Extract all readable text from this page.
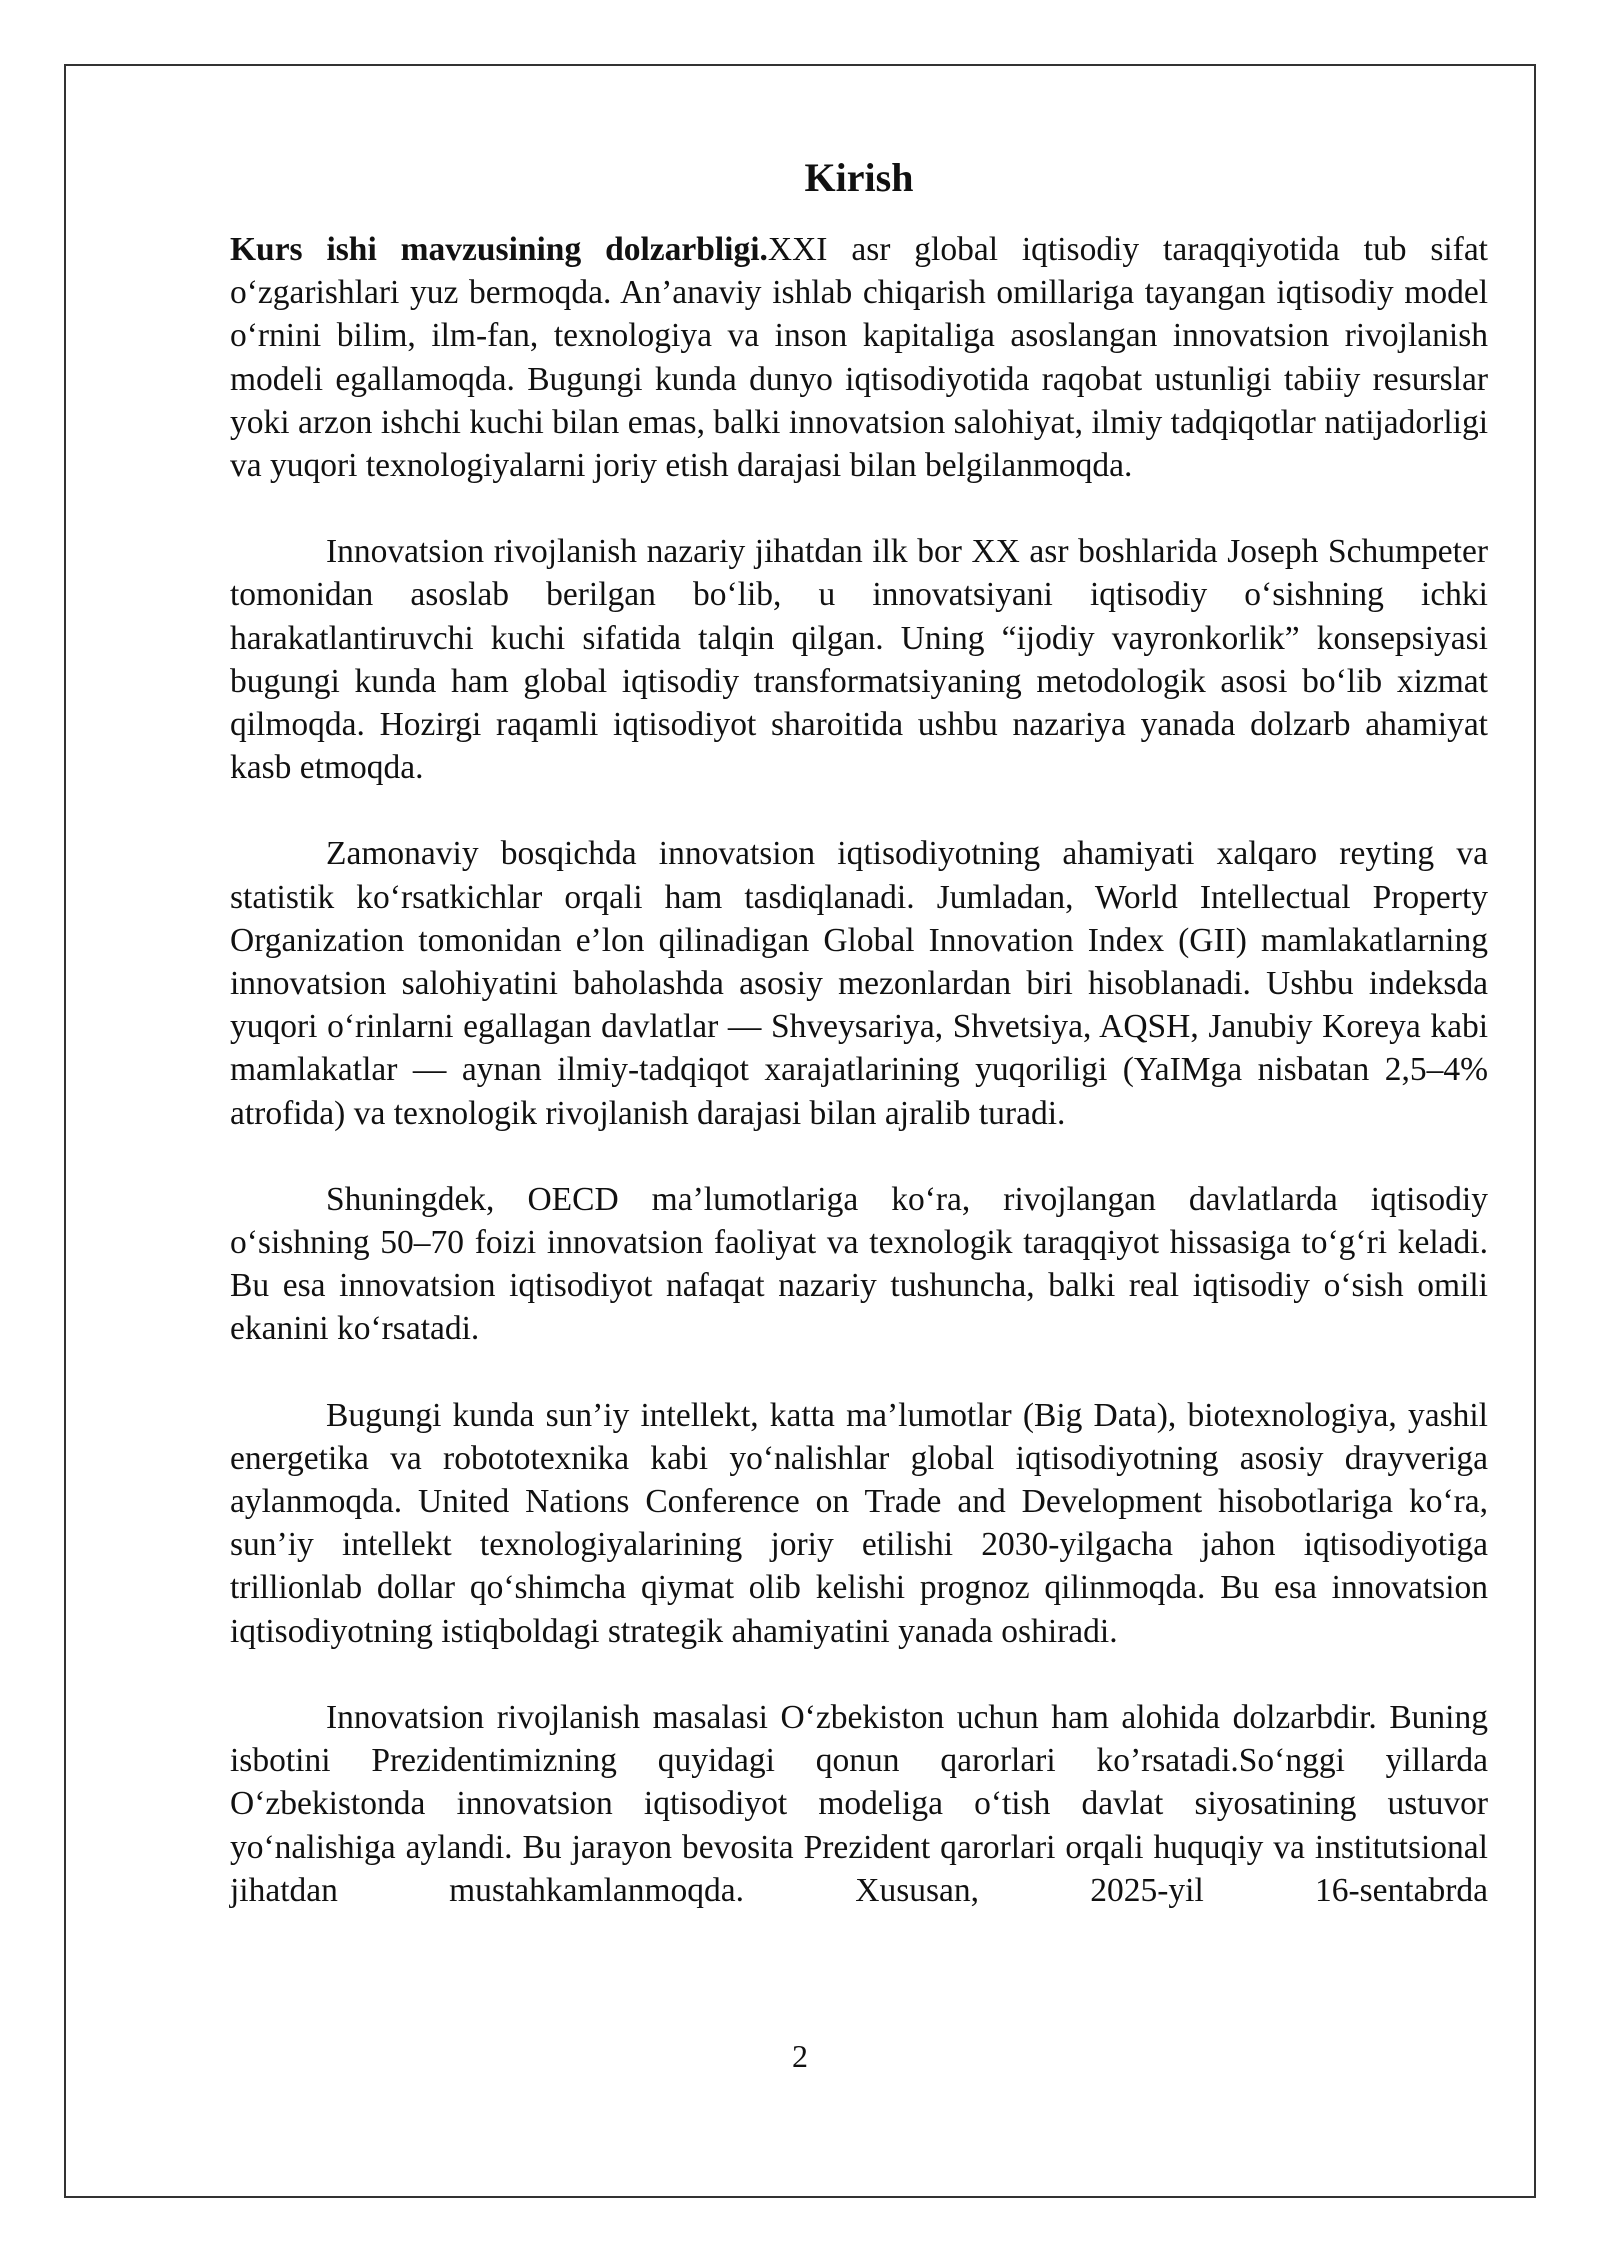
Kirish

Kurs ishi mavzusining dolzarbligi.XXI asr global iqtisodiy taraqqiyotida tub sifat o‘zgarishlari yuz bermoqda. An’anaviy ishlab chiqarish omillariga tayangan iqtisodiy model o‘rnini bilim, ilm-fan, texnologiya va inson kapitaliga asoslangan innovatsion rivojlanish modeli egallamoqda. Bugungi kunda dunyo iqtisodiyotida raqobat ustunligi tabiiy resurslar yoki arzon ishchi kuchi bilan emas, balki innovatsion salohiyat, ilmiy tadqiqotlar natijadorligi va yuqori texnologiyalarni joriy etish darajasi bilan belgilanmoqda.

Innovatsion rivojlanish nazariy jihatdan ilk bor XX asr boshlarida Joseph Schumpeter tomonidan asoslab berilgan bo‘lib, u innovatsiyani iqtisodiy o‘sishning ichki harakatlantiruvchi kuchi sifatida talqin qilgan. Uning “ijodiy vayronkorlik” konsepsiyasi bugungi kunda ham global iqtisodiy transformatsiyaning metodologik asosi bo‘lib xizmat qilmoqda. Hozirgi raqamli iqtisodiyot sharoitida ushbu nazariya yanada dolzarb ahamiyat kasb etmoqda.

Zamonaviy bosqichda innovatsion iqtisodiyotning ahamiyati xalqaro reyting va statistik ko‘rsatkichlar orqali ham tasdiqlanadi. Jumladan, World Intellectual Property Organization tomonidan e’lon qilinadigan Global Innovation Index (GII) mamlakatlarning innovatsion salohiyatini baholashda asosiy mezonlardan biri hisoblanadi. Ushbu indeksda yuqori o‘rinlarni egallagan davlatlar — Shveysariya, Shvetsiya, AQSH, Janubiy Koreya kabi mamlakatlar — aynan ilmiy-tadqiqot xarajatlarining yuqoriligi (YaIMga nisbatan 2,5–4% atrofida) va texnologik rivojlanish darajasi bilan ajralib turadi.

Shuningdek, OECD ma’lumotlariga ko‘ra, rivojlangan davlatlarda iqtisodiy o‘sishning 50–70 foizi innovatsion faoliyat va texnologik taraqqiyot hissasiga to‘g‘ri keladi. Bu esa innovatsion iqtisodiyot nafaqat nazariy tushuncha, balki real iqtisodiy o‘sish omili ekanini ko‘rsatadi.

Bugungi kunda sun’iy intellekt, katta ma’lumotlar (Big Data), biotexnologiya, yashil energetika va robototexnika kabi yo‘nalishlar global iqtisodiyotning asosiy drayveriga aylanmoqda. United Nations Conference on Trade and Development hisobotlariga ko‘ra, sun’iy intellekt texnologiyalarining joriy etilishi 2030-yilgacha jahon iqtisodiyotiga trillionlab dollar qo‘shimcha qiymat olib kelishi prognoz qilinmoqda. Bu esa innovatsion iqtisodiyotning istiqboldagi strategik ahamiyatini yanada oshiradi.

Innovatsion rivojlanish masalasi O‘zbekiston uchun ham alohida dolzarbdir. Buning isbotini Prezidentimizning quyidagi qonun qarorlari ko’rsatadi.So‘nggi yillarda O‘zbekistonda innovatsion iqtisodiyot modeliga o‘tish davlat siyosatining ustuvor yo‘nalishiga aylandi. Bu jarayon bevosita Prezident qarorlari orqali huquqiy va institutsional jihatdan mustahkamlanmoqda. Xususan, 2025-yil 16-sentabrda

2
